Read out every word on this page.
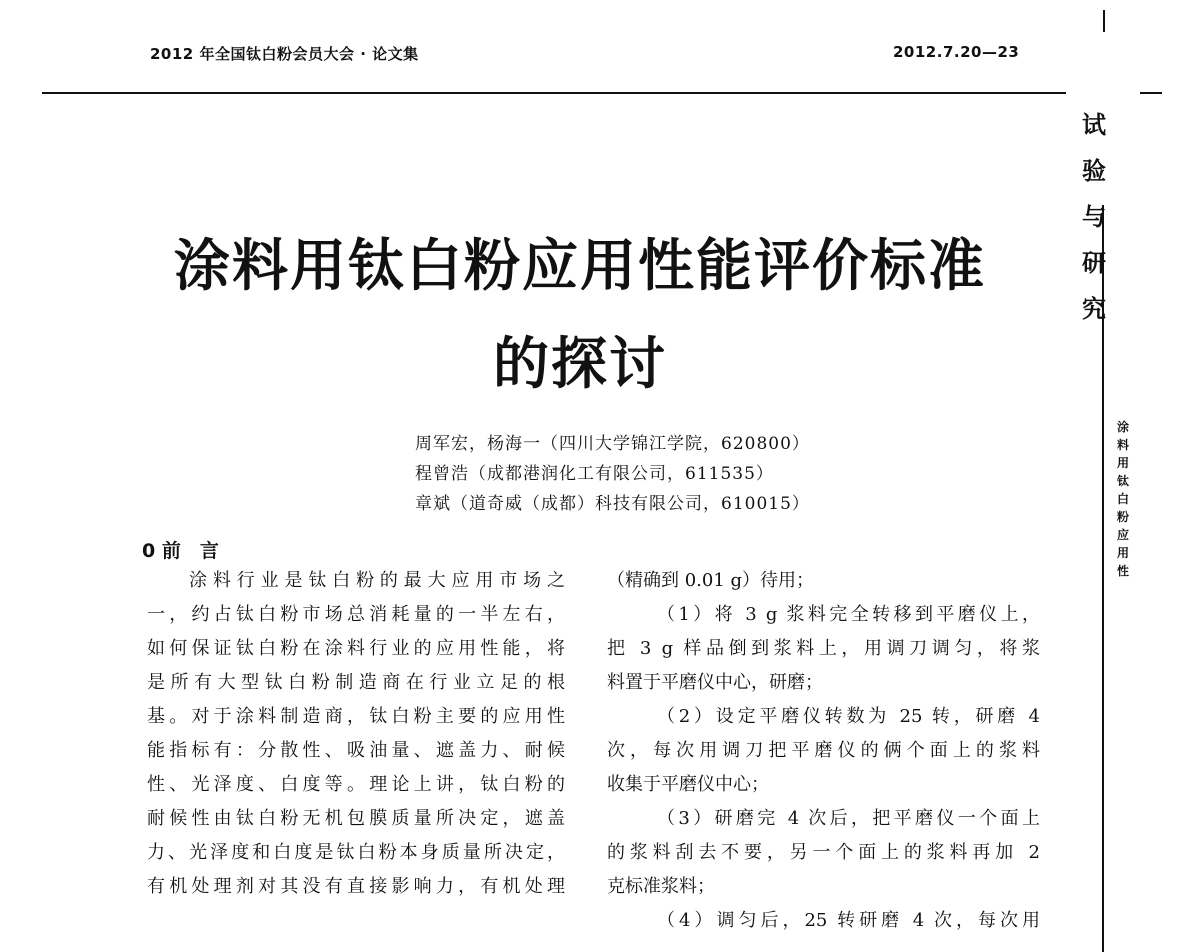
2012 年全国钛白粉会员大会 · 论文集	2012.7.20—23
涂料用钛白粉应用性能评价标准
的探讨
周军宏，杨海一（四川大学锦江学院，620800）
程曾浩（成都港润化工有限公司，611535）
章斌（道奇威（成都）科技有限公司，610015）
0 前　言
涂料行业是钛白粉的最大应用市场之
一，约占钛白粉市场总消耗量的一半左右，
如何保证钛白粉在涂料行业的应用性能，将
是所有大型钛白粉制造商在行业立足的根
基。对于涂料制造商，钛白粉主要的应用性
能指标有：分散性、吸油量、遮盖力、耐候
性、光泽度、白度等。理论上讲，钛白粉的
耐候性由钛白粉无机包膜质量所决定，遮盖
力、光泽度和白度是钛白粉本身质量所决定，
有机处理剂对其没有直接影响力，有机处理
（精确到 0.01 g）待用；
（1）将 3 g 浆料完全转移到平磨仪上，
把 3 g 样品倒到浆料上，用调刀调匀，将浆
料置于平磨仪中心，研磨；
（2）设定平磨仪转数为 25 转，研磨 4
次，每次用调刀把平磨仪的俩个面上的浆料
收集于平磨仪中心；
（3）研磨完 4 次后，把平磨仪一个面上
的浆料刮去不要，另一个面上的浆料再加 2
克标准浆料；
（4）调匀后，25 转研磨 4 次，每次用
试
验
与
研
究
涂
料
用
钛
白
粉
应
用
性
